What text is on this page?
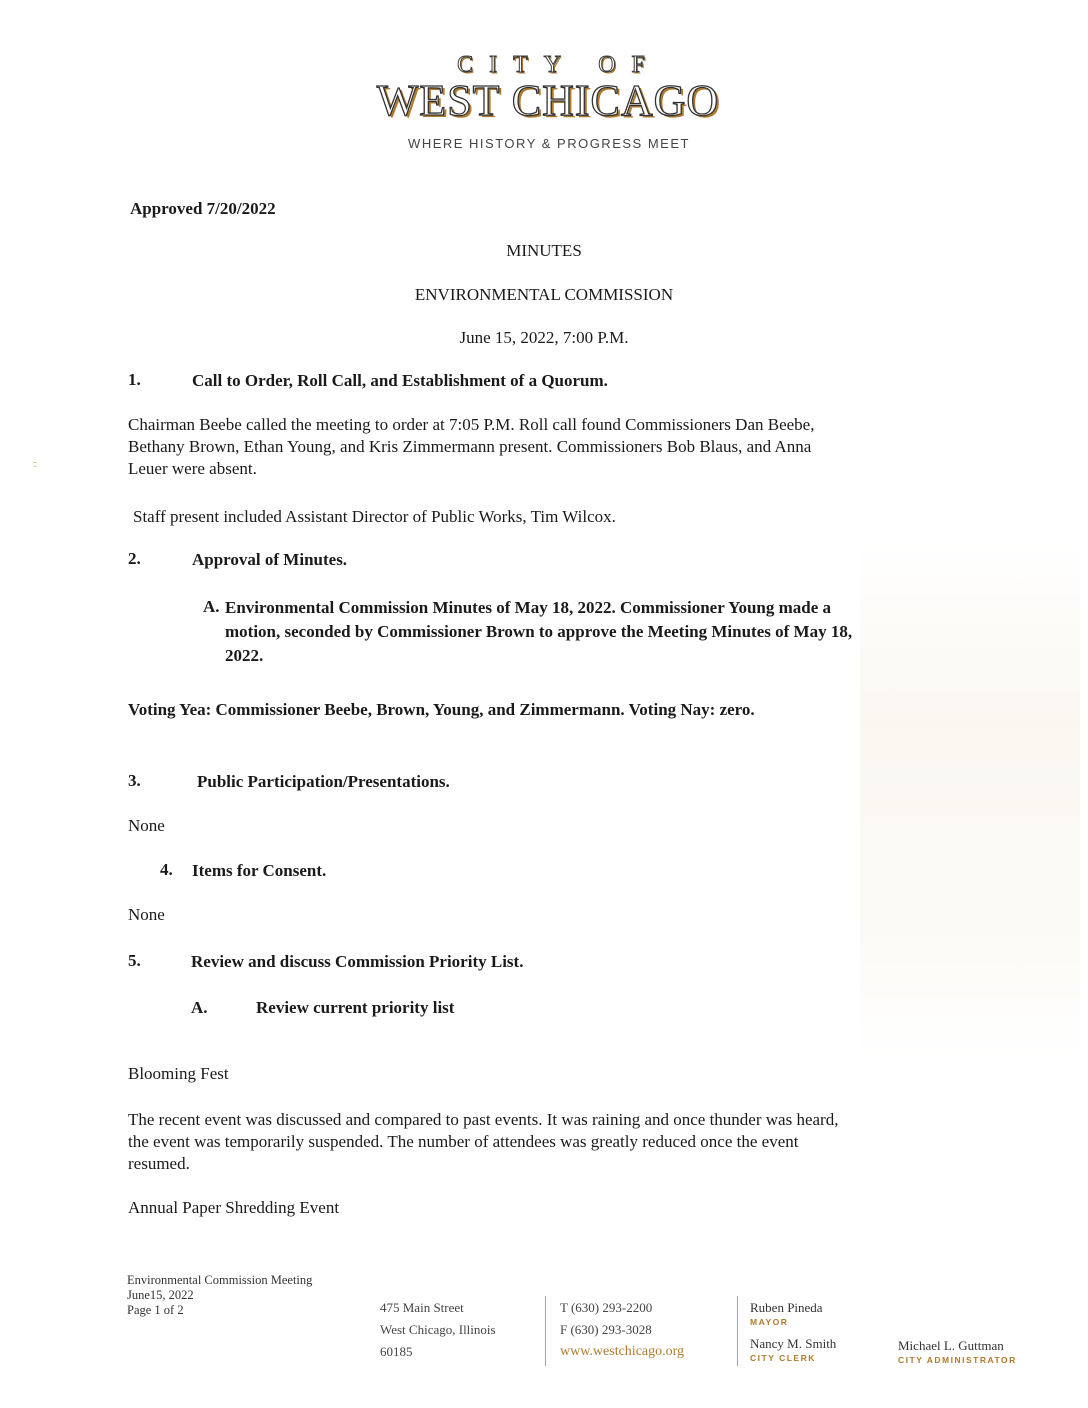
CITY OF
WEST CHICAGO
WHERE HISTORY & PROGRESS MEET
Approved 7/20/2022
MINUTES
ENVIRONMENTAL COMMISSION
June 15, 2022, 7:00 P.M.
1.	Call to Order, Roll Call, and Establishment of a Quorum.
Chairman Beebe called the meeting to order at 7:05 P.M. Roll call found Commissioners Dan Beebe,
Bethany Brown, Ethan Young, and Kris Zimmermann present. Commissioners Bob Blaus, and Anna
Leuer were absent.
::
Staff present included Assistant Director of Public Works, Tim Wilcox.
2.	Approval of Minutes.
A. Environmental Commission Minutes of May 18, 2022. Commissioner Young made a
motion, seconded by Commissioner Brown to approve the Meeting Minutes of May 18,
2022.
Voting Yea: Commissioner Beebe, Brown, Young, and Zimmermann. Voting Nay: zero.
3.	Public Participation/Presentations.
None
4. Items for Consent.
None
5.	Review and discuss Commission Priority List.
A.	Review current priority list
Blooming Fest
The recent event was discussed and compared to past events. It was raining and once thunder was heard,
the event was temporarily suspended. The number of attendees was greatly reduced once the event
resumed.
Annual Paper Shredding Event
Environmental Commission Meeting
June15, 2022
Page 1 of 2	475 Main Street
West Chicago, Illinois
60185
T (630) 293-2200
F (630) 293-3028
www.westchicago.org
Ruben Pineda
MAYOR
Nancy M. Smith
CITY CLERK
Michael L. Guttman
CITY ADMINISTRATOR
